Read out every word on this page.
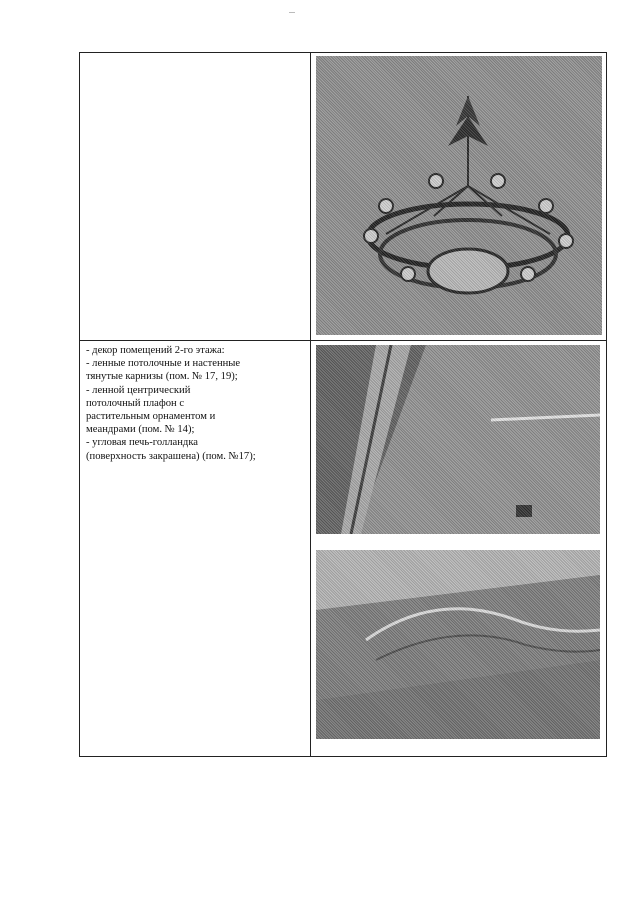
- декор помещений 2-го этажа:
- ленные потолочные и настенные
тянутые карнизы (пом. № 17, 19);
- ленной центрический
потолочный плафон с
растительным орнаментом и
меандрами (пом. № 14);
- угловая печь-голландка
(поверхность закрашена) (пом. №17);
